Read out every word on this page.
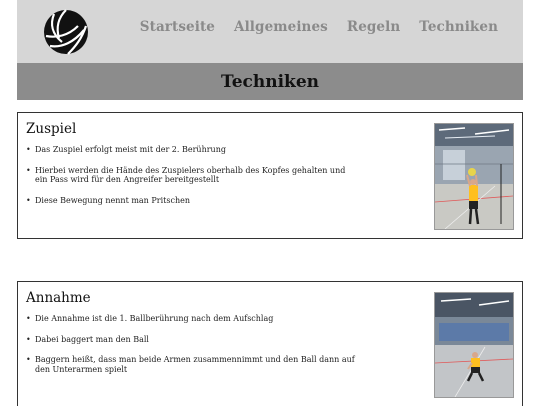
Startseite Allgemeines Regeln Techniken
Techniken
Zuspiel
• Das Zuspiel erfolgt meist mit der 2. Berührung
• Hierbei werden die Hände des Zuspielers oberhalb des Kopfes gehalten und ein Pass wird für den Angreifer bereitgestellt
• Diese Bewegung nennt man Pritschen
Annahme
• Die Annahme ist die 1. Ballberührung nach dem Aufschlag
• Dabei baggert man den Ball
• Baggern heißt, dass man beide Armen zusammennimmt und den Ball dann auf den Unterarmen spielt
